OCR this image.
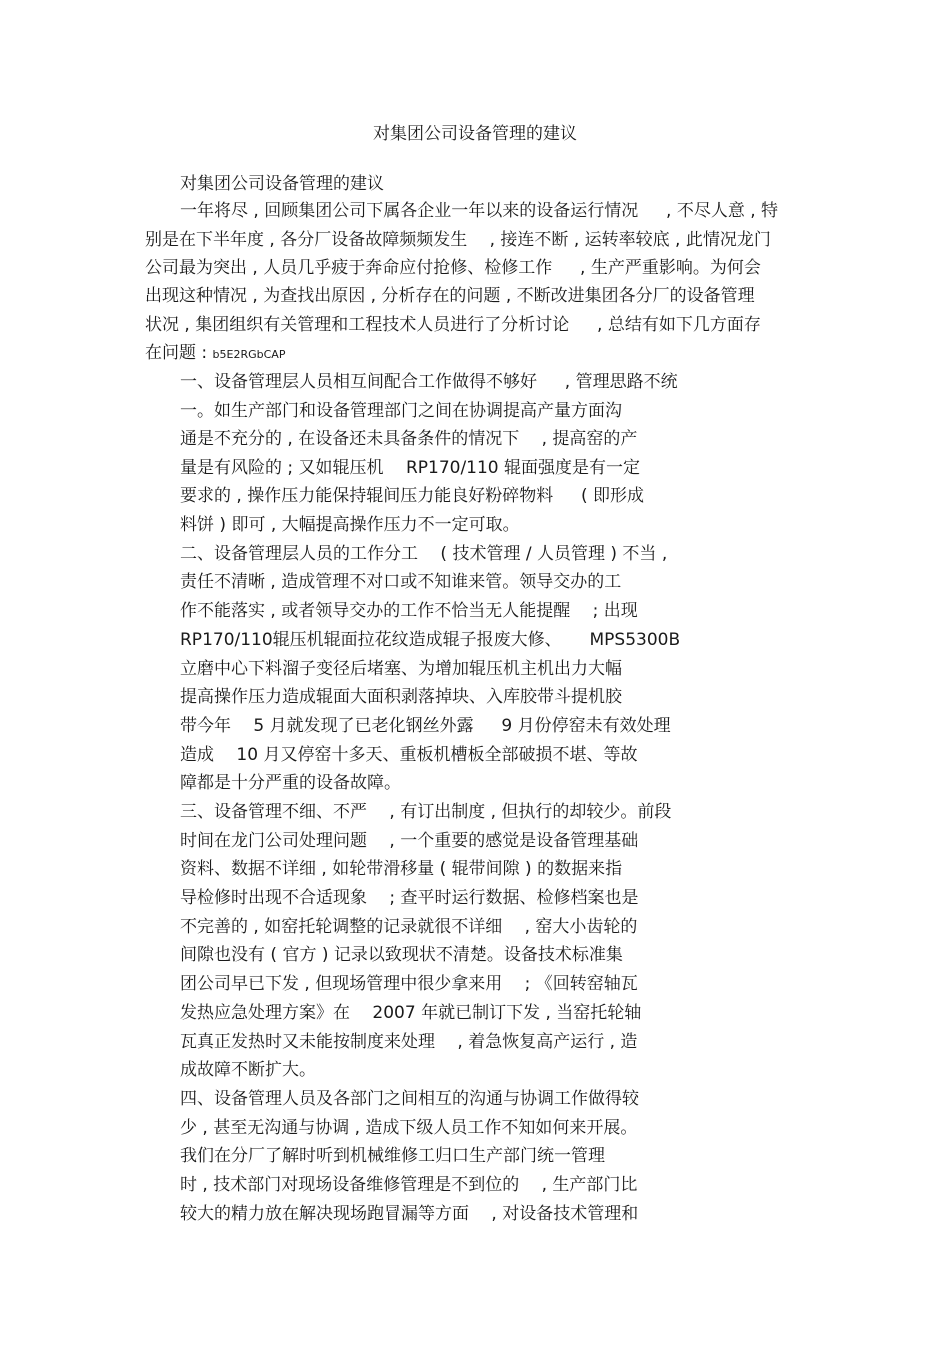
对集团公司设备管理的建议
对集团公司设备管理的建议
一年将尽 , 回顾集团公司下属各企业一年以来的设备运行情况 　 , 不尽人意 , 特
别是在下半年度 , 各分厂设备故障频频发生 　, 接连不断 , 运转率较底 , 此情况龙门
公司最为突出 , 人员几乎疲于奔命应付抢修、检修工作 　 , 生产严重影响。为何会
出现这种情况 , 为查找出原因 , 分析存在的问题 , 不断改进集团各分厂的设备管理
状况 , 集团组织有关管理和工程技术人员进行了分析讨论 　 , 总结有如下几方面存
在问题 : b5E2RGbCAP
一、设备管理层人员相互间配合工作做得不够好 　 , 管理思路不统
一。如生产部门和设备管理部门之间在协调提高产量方面沟
通是不充分的 , 在设备还未具备条件的情况下 　, 提高窑的产
量是有风险的 ; 又如辊压机 　RP170/110 辊面强度是有一定
要求的 , 操作压力能保持辊间压力能良好粉碎物料 　 ( 即形成
料饼 ) 即可 , 大幅提高操作压力不一定可取。
二、设备管理层人员的工作分工 　( 技术管理 / 人员管理 ) 不当 ,
责任不清晰 , 造成管理不对口或不知谁来管。领导交办的工
作不能落实 , 或者领导交办的工作不恰当无人能提醒 　; 出现
RP170/110辊压机辊面拉花纹造成辊子报废大修、 　 MPS5300B
立磨中心下料溜子变径后堵塞、为增加辊压机主机出力大幅
提高操作压力造成辊面大面积剥落掉块、入库胶带斗提机胶
带今年 　5 月就发现了已老化钢丝外露 　 9 月份停窑未有效处理
造成 　10 月又停窑十多天、重板机槽板全部破损不堪、等故
障都是十分严重的设备故障。
三、设备管理不细、不严 　, 有订出制度 , 但执行的却较少。前段
时间在龙门公司处理问题 　, 一个重要的感觉是设备管理基础
资料、数据不详细 , 如轮带滑移量 ( 辊带间隙 ) 的数据来指
导检修时出现不合适现象 　; 查平时运行数据、检修档案也是
不完善的 , 如窑托轮调整的记录就很不详细 　, 窑大小齿轮的
间隙也没有 ( 官方 ) 记录以致现状不清楚。设备技术标准集
团公司早已下发 , 但现场管理中很少拿来用 　; 《回转窑轴瓦
发热应急处理方案》在 　2007 年就已制订下发 , 当窑托轮轴
瓦真正发热时又未能按制度来处理 　, 着急恢复高产运行 , 造
成故障不断扩大。
四、设备管理人员及各部门之间相互的沟通与协调工作做得较
少 , 甚至无沟通与协调 , 造成下级人员工作不知如何来开展。
我们在分厂了解时听到机械维修工归口生产部门统一管理
时 , 技术部门对现场设备维修管理是不到位的 　, 生产部门比
较大的精力放在解决现场跑冒漏等方面 　, 对设备技术管理和
